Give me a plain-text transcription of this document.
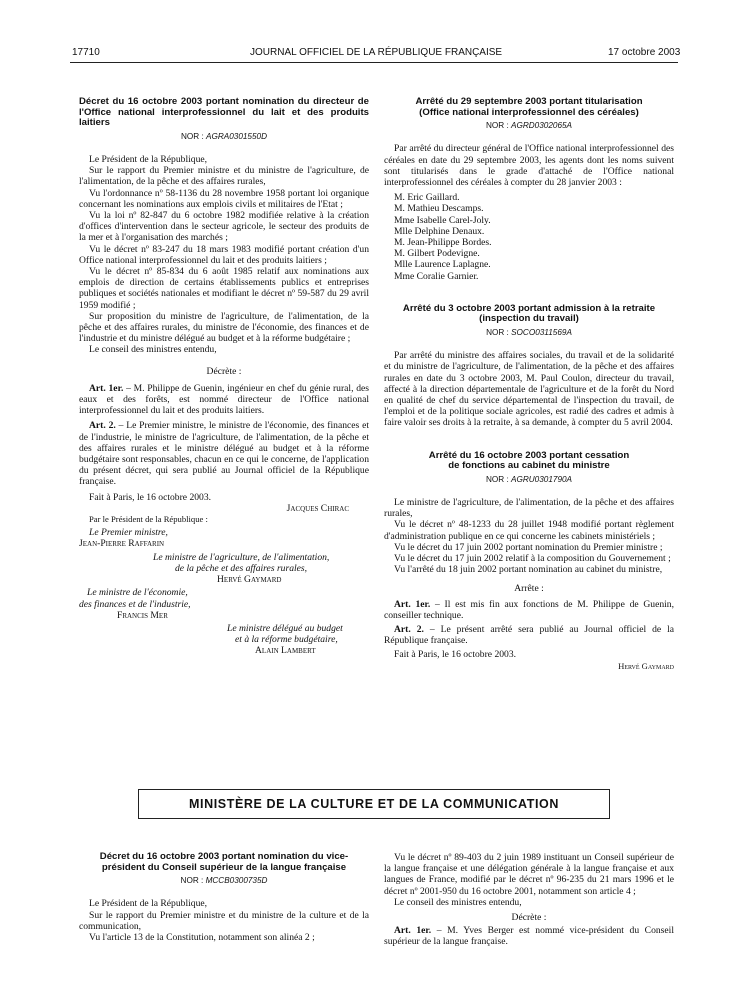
17710	JOURNAL OFFICIEL DE LA RÉPUBLIQUE FRANÇAISE	17 octobre 2003
Décret du 16 octobre 2003 portant nomination du directeur de l'Office national interprofessionnel du lait et des produits laitiers
NOR : AGRA0301550D

Le Président de la République,

Sur le rapport du Premier ministre et du ministre de l'agriculture, de l'alimentation, de la pêche et des affaires rurales,

Vu l'ordonnance nº 58-1136 du 28 novembre 1958 portant loi organique concernant les nominations aux emplois civils et militaires de l'Etat ;

Vu la loi nº 82-847 du 6 octobre 1982 modifiée relative à la création d'offices d'intervention dans le secteur agricole, le secteur des produits de la mer et à l'organisation des marchés ;

Vu le décret nº 83-247 du 18 mars 1983 modifié portant création d'un Office national interprofessionnel du lait et des produits laitiers ;

Vu le décret nº 85-834 du 6 août 1985 relatif aux nominations aux emplois de direction de certains établissements publics et entreprises publiques et sociétés nationales et modifiant le décret nº 59-587 du 29 avril 1959 modifié ;

Sur proposition du ministre de l'agriculture, de l'alimentation, de la pêche et des affaires rurales, du ministre de l'économie, des finances et de l'industrie et du ministre délégué au budget et à la réforme budgétaire ;

Le conseil des ministres entendu,

Décrète :

Art. 1er. – M. Philippe de Guenin, ingénieur en chef du génie rural, des eaux et des forêts, est nommé directeur de l'Office national interprofessionnel du lait et des produits laitiers.

Art. 2. – Le Premier ministre, le ministre de l'économie, des finances et de l'industrie, le ministre de l'agriculture, de l'alimentation, de la pêche et des affaires rurales et le ministre délégué au budget et à la réforme budgétaire sont responsables, chacun en ce qui le concerne, de l'application du présent décret, qui sera publié au Journal officiel de la République française.

Fait à Paris, le 16 octobre 2003.

Jacques Chirac

Par le Président de la République :

Le Premier ministre,

Jean-Pierre Raffarin

Le ministre de l'agriculture, de l'alimentation,

de la pêche et des affaires rurales,

Hervé Gaymard

Le ministre de l'économie,

des finances et de l'industrie,

Francis Mer

Le ministre délégué au budget

et à la réforme budgétaire,

Alain Lambert

Arrêté du 29 septembre 2003 portant titularisation
(Office national interprofessionnel des céréales)
NOR : AGRD0302065A

Par arrêté du directeur général de l'Office national interprofessionnel des céréales en date du 29 septembre 2003, les agents dont les noms suivent sont titularisés dans le grade d'attaché de l'Office national interprofessionnel des céréales à compter du 28 janvier 2003 :

M. Eric Gaillard.

M. Mathieu Descamps.

Mme Isabelle Carel-Joly.

Mlle Delphine Denaux.

M. Jean-Philippe Bordes.

M. Gilbert Podevigne.

Mlle Laurence Laplagne.

Mme Coralie Garnier.

Arrêté du 3 octobre 2003 portant admission à la retraite
(inspection du travail)
NOR : SOCO0311569A

Par arrêté du ministre des affaires sociales, du travail et de la solidarité et du ministre de l'agriculture, de l'alimentation, de la pêche et des affaires rurales en date du 3 octobre 2003, M. Paul Coulon, directeur du travail, affecté à la direction départementale de l'agriculture et de la forêt du Nord en qualité de chef du service départemental de l'inspection du travail, de l'emploi et de la politique sociale agricoles, est radié des cadres et admis à faire valoir ses droits à la retraite, à sa demande, à compter du 5 avril 2004.

Arrêté du 16 octobre 2003 portant cessation
de fonctions au cabinet du ministre
NOR : AGRU0301790A

Le ministre de l'agriculture, de l'alimentation, de la pêche et des affaires rurales,

Vu le décret nº 48-1233 du 28 juillet 1948 modifié portant règlement d'administration publique en ce qui concerne les cabinets ministériels ;

Vu le décret du 17 juin 2002 portant nomination du Premier ministre ;

Vu le décret du 17 juin 2002 relatif à la composition du Gouvernement ;

Vu l'arrêté du 18 juin 2002 portant nomination au cabinet du ministre,

Arrête :

Art. 1er. – Il est mis fin aux fonctions de M. Philippe de Guenin, conseiller technique.

Art. 2. – Le présent arrêté sera publié au Journal officiel de la République française.

Fait à Paris, le 16 octobre 2003.

Hervé Gaymard

MINISTÈRE DE LA CULTURE ET DE LA COMMUNICATION
Décret du 16 octobre 2003 portant nomination du vice-président du Conseil supérieur de la langue française
NOR : MCCB0300735D

Le Président de la République,

Sur le rapport du Premier ministre et du ministre de la culture et de la communication,

Vu l'article 13 de la Constitution, notamment son alinéa 2 ;

Vu le décret nº 89-403 du 2 juin 1989 instituant un Conseil supérieur de la langue française et une délégation générale à la langue française et aux langues de France, modifié par le décret nº 96-235 du 21 mars 1996 et le décret nº 2001-950 du 16 octobre 2001, notamment son article 4 ;

Le conseil des ministres entendu,

Décrète :

Art. 1er. – M. Yves Berger est nommé vice-président du Conseil supérieur de la langue française.
